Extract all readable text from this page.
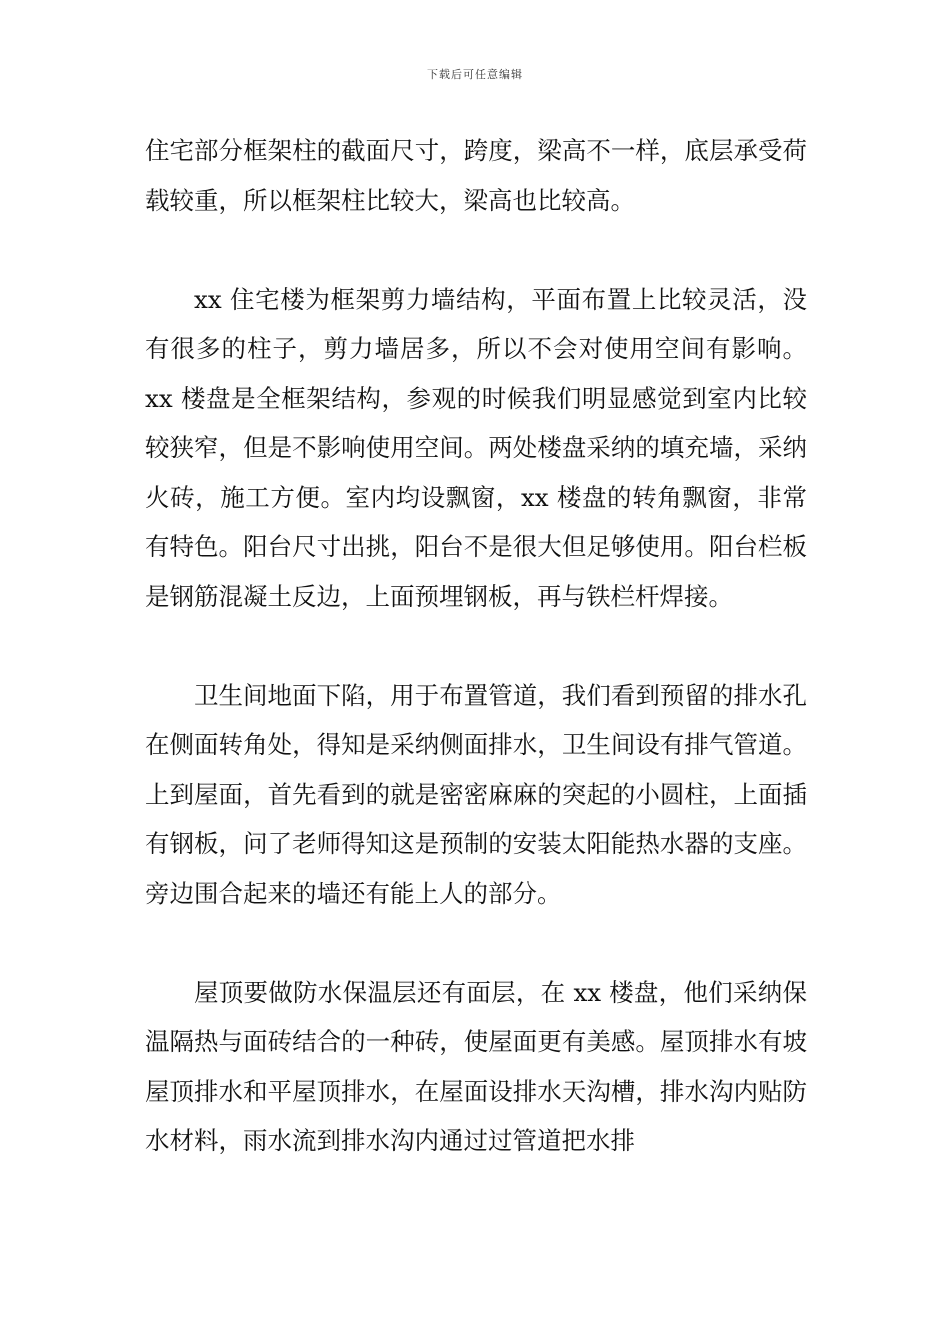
下载后可任意编辑

住宅部分框架柱的截面尺寸，跨度，梁高不一样，底层承受荷载较重，所以框架柱比较大，梁高也比较高。

xx 住宅楼为框架剪力墙结构，平面布置上比较灵活，没有很多的柱子，剪力墙居多，所以不会对使用空间有影响。xx 楼盘是全框架结构，参观的时候我们明显感觉到室内比较较狭窄，但是不影响使用空间。两处楼盘采纳的填充墙，采纳火砖，施工方便。室内均设飘窗，xx 楼盘的转角飘窗，非常有特色。阳台尺寸出挑，阳台不是很大但足够使用。阳台栏板是钢筋混凝土反边，上面预埋钢板，再与铁栏杆焊接。

卫生间地面下陷，用于布置管道，我们看到预留的排水孔在侧面转角处，得知是采纳侧面排水，卫生间设有排气管道。上到屋面，首先看到的就是密密麻麻的突起的小圆柱，上面插有钢板，问了老师得知这是预制的安装太阳能热水器的支座。旁边围合起来的墙还有能上人的部分。

屋顶要做防水保温层还有面层，在 xx 楼盘，他们采纳保温隔热与面砖结合的一种砖，使屋面更有美感。屋顶排水有坡屋顶排水和平屋顶排水，在屋面设排水天沟槽，排水沟内贴防水材料，雨水流到排水沟内通过过管道把水排
